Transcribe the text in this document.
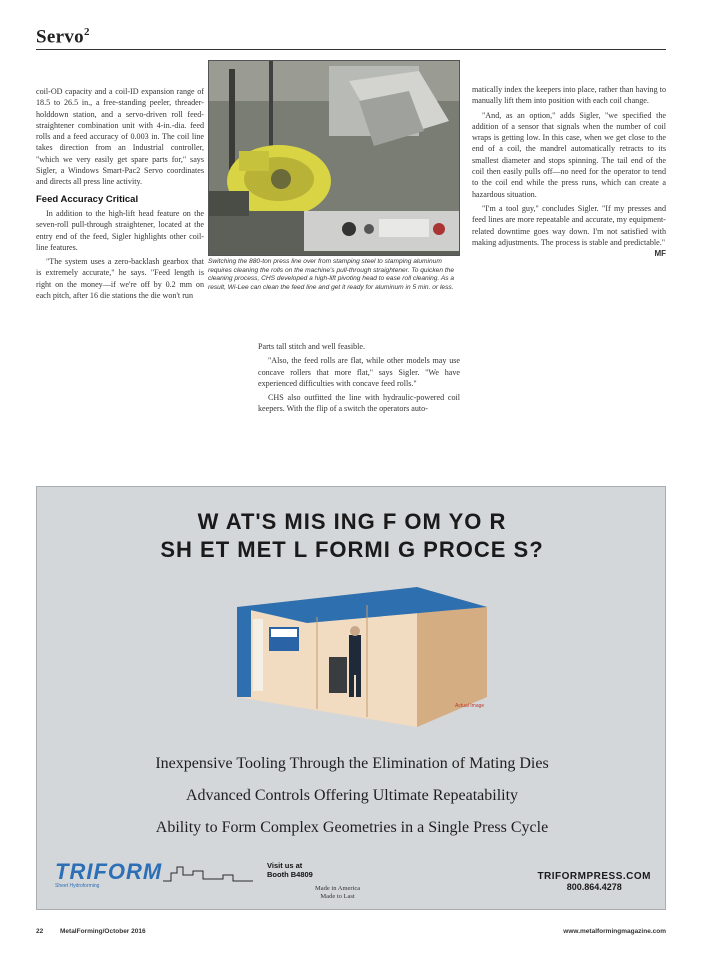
Servo$^2$
Switching the 880-ton press line over from stamping steel to stamping aluminum requires cleaning the rolls on the machine's pull-through straightener. To quicken the cleaning process, CHS developed a high-lift pivoting head to ease roll cleaning. As a result, Wi-Lee can clean the feed line and get it ready for aluminum in 5 min. or less.

coil-OD capacity and a coil-ID expansion range of 18.5 to 26.5 in., a free-standing peeler, threader-holddown station, and a servo-driven roll feed-straightener combination unit with 4-in.-dia. feed rolls and a feed accuracy of 0.003 in. The coil line takes direction from an Industrial controller, "which we very easily get spare parts for," says Sigler, a Windows Smart-Pac2 Servo coordinates and directs all press line activity.

Feed Accuracy Critical

In addition to the high-lift head feature on the seven-roll pull-through straightener, located at the entry end of the feed, Sigler highlights other coil-line features.

"The system uses a zero-backlash gearbox that is extremely accurate," he says. "Feed length is right on the money—if we're off by 0.2 mm on each pitch, after 16 die stations the die won't run

Parts tall stitch and well feasible.

"Also, the feed rolls are flat, while other models may use concave rollers that more flat," says Sigler. "We have experienced difficulties with concave feed rolls."

CHS also outfitted the line with hydraulic-powered coil keepers. With the flip of a switch the operators auto-

matically index the keepers into place, rather than having to manually lift them into position with each coil change.

"And, as an option," adds Sigler, "we specified the addition of a sensor that signals when the number of coil wraps is getting low. In this case, when we get close to the end of a coil, the mandrel automatically retracts to its smallest diameter and stops spinning. The tail end of the coil then easily pulls off—no need for the operator to tend to the coil end while the press runs, which can create a hazardous situation.

"I'm a tool guy," concludes Sigler. "If my presses and feed lines are more repeatable and accurate, my equipment-related downtime goes way down. I'm not satisfied with making adjustments. The process is stable and predictable."
MF

W AT'S MIS ING F OM YO R
SH ET MET L FORMI G PROCE S?
Actual Image
Inexpensive Tooling Through the Elimination of Mating Dies
Advanced Controls Offering Ultimate Repeatability
Ability to Form Complex Geometries in a Single Press Cycle
TRIFORM
Sheet Hydroforming
Visit us at
Booth B4809
Made in America
Made to Last
TRIFORMPRESS.COM
800.864.4278
22	MetalForming/October 2016	www.metalformingmagazine.com
